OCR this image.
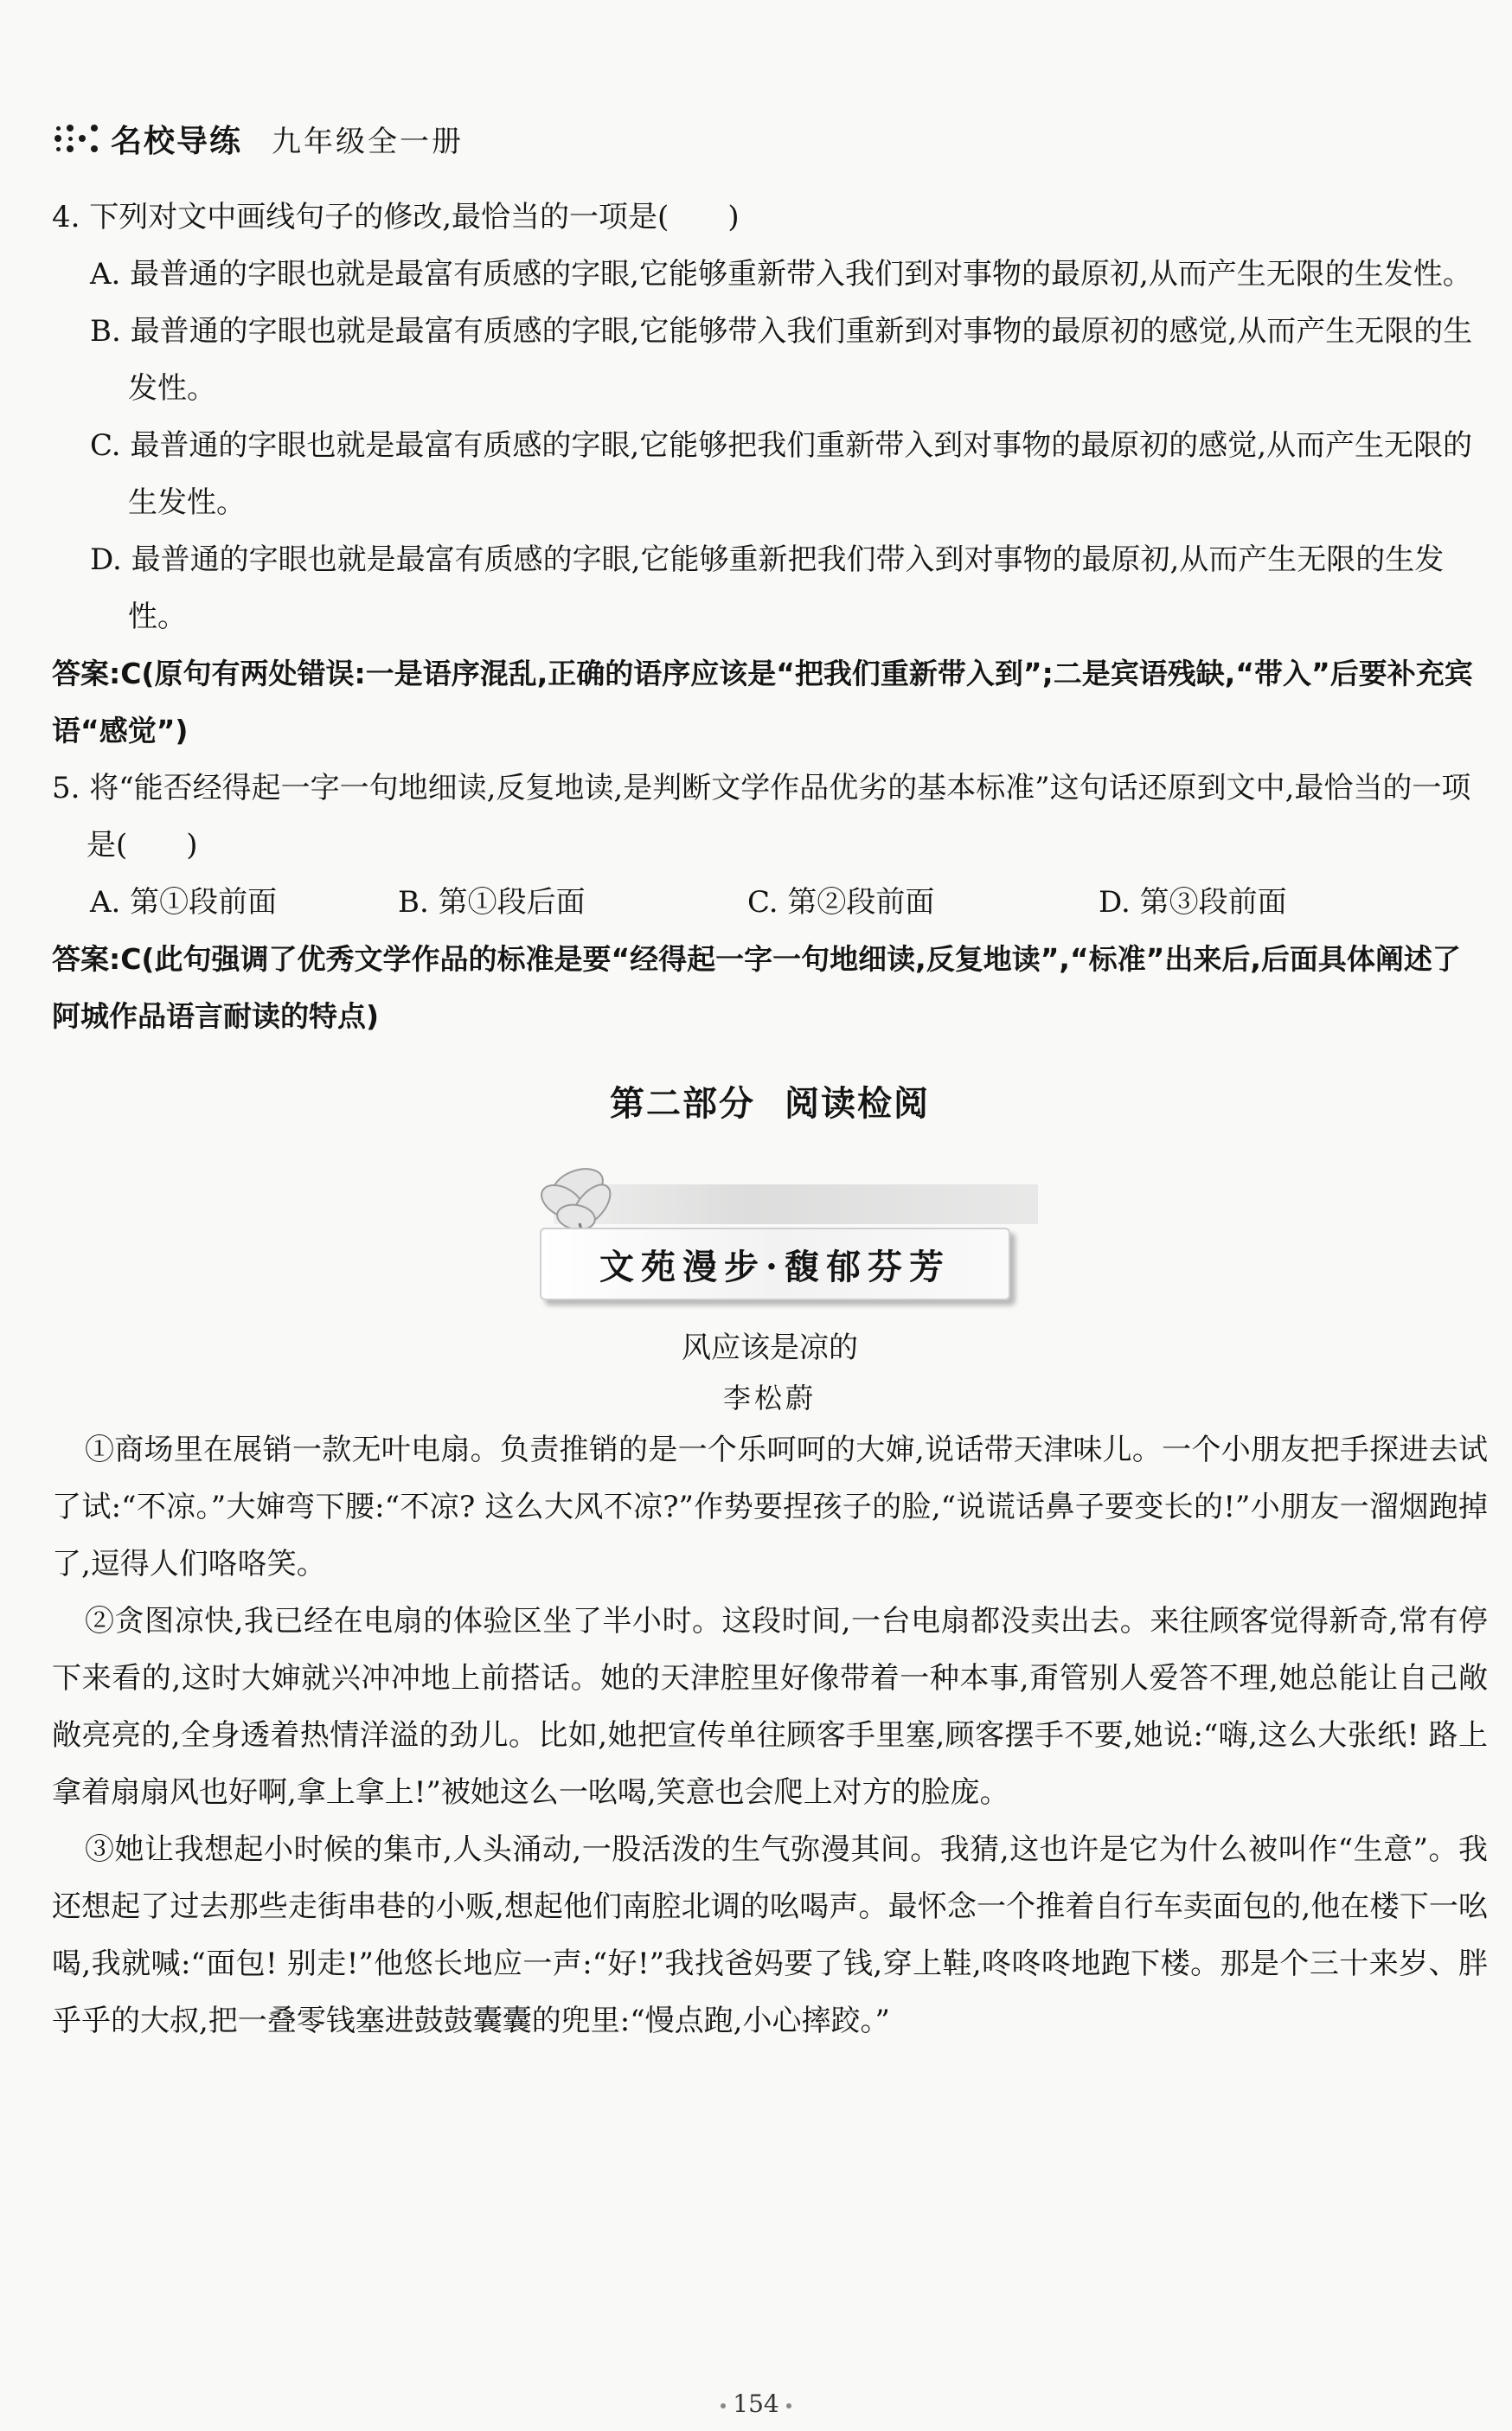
名校导练 九年级全一册

4. 下列对文中画线句子的修改,最恰当的一项是(　　)

A. 最普通的字眼也就是最富有质感的字眼,它能够重新带入我们到对事物的最原初,从而产生无限的生发性。

B. 最普通的字眼也就是最富有质感的字眼,它能够带入我们重新到对事物的最原初的感觉,从而产生无限的生发性。

C. 最普通的字眼也就是最富有质感的字眼,它能够把我们重新带入到对事物的最原初的感觉,从而产生无限的生发性。

D. 最普通的字眼也就是最富有质感的字眼,它能够重新把我们带入到对事物的最原初,从而产生无限的生发性。

答案:C(原句有两处错误:一是语序混乱,正确的语序应该是“把我们重新带入到”;二是宾语残缺,“带入”后要补充宾语“感觉”)

5. 将“能否经得起一字一句地细读,反复地读,是判断文学作品优劣的基本标准”这句话还原到文中,最恰当的一项是(　　)

A. 第①段前面	B. 第①段后面	C. 第②段前面	D. 第③段前面

答案:C(此句强调了优秀文学作品的标准是要“经得起一字一句地细读,反复地读”,“标准”出来后,后面具体阐述了阿城作品语言耐读的特点)

第二部分 阅读检阅
文苑漫步·馥郁芬芳
风应该是凉的
李松蔚

①商场里在展销一款无叶电扇。负责推销的是一个乐呵呵的大婶,说话带天津味儿。一个小朋友把手探进去试了试:“不凉。”大婶弯下腰:“不凉? 这么大风不凉?”作势要捏孩子的脸,“说谎话鼻子要变长的!”小朋友一溜烟跑掉了,逗得人们咯咯笑。

②贪图凉快,我已经在电扇的体验区坐了半小时。这段时间,一台电扇都没卖出去。来往顾客觉得新奇,常有停下来看的,这时大婶就兴冲冲地上前搭话。她的天津腔里好像带着一种本事,甭管别人爱答不理,她总能让自己敞敞亮亮的,全身透着热情洋溢的劲儿。比如,她把宣传单往顾客手里塞,顾客摆手不要,她说:“嗨,这么大张纸! 路上拿着扇扇风也好啊,拿上拿上!”被她这么一吆喝,笑意也会爬上对方的脸庞。

③她让我想起小时候的集市,人头涌动,一股活泼的生气弥漫其间。我猜,这也许是它为什么被叫作“生意”。我还想起了过去那些走街串巷的小贩,想起他们南腔北调的吆喝声。最怀念一个推着自行车卖面包的,他在楼下一吆喝,我就喊:“面包! 别走!”他悠长地应一声:“好!”我找爸妈要了钱,穿上鞋,咚咚咚地跑下楼。那是个三十来岁、胖乎乎的大叔,把一叠零钱塞进鼓鼓囊囊的兜里:“慢点跑,小心摔跤。”

154
